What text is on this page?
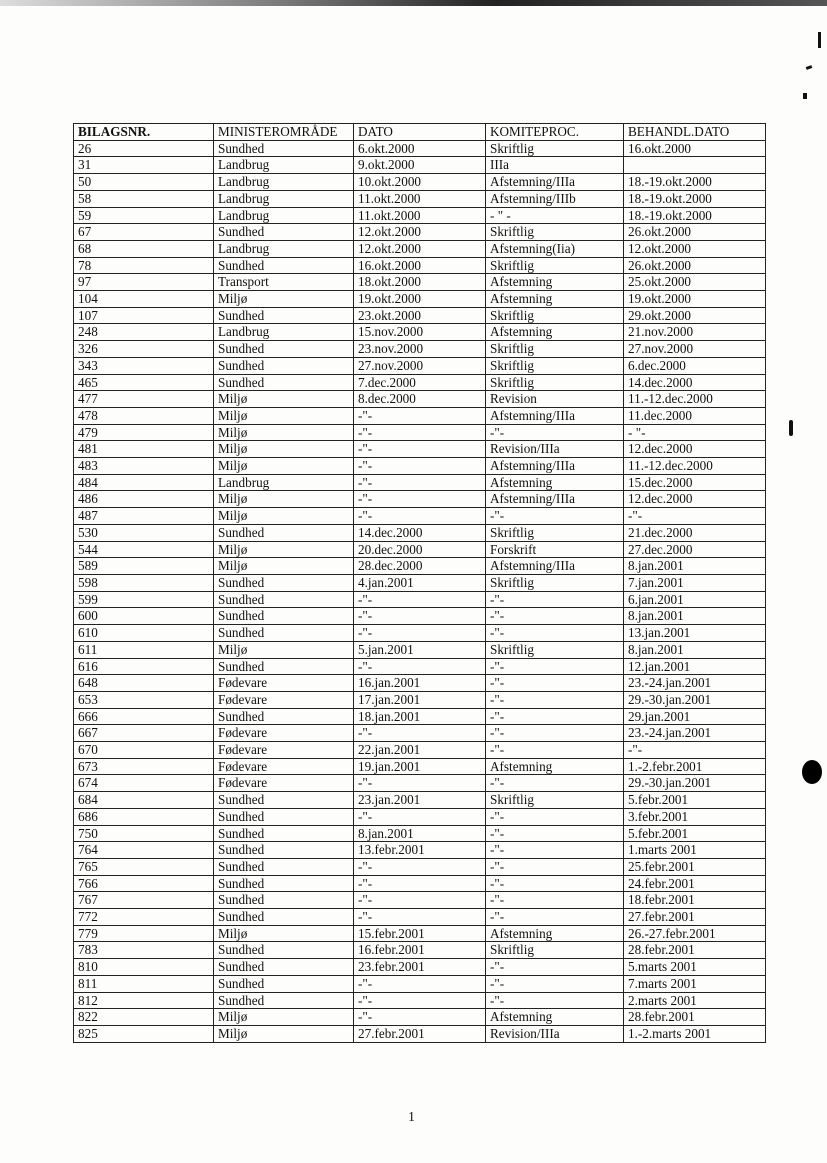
BILAGSNR.	MINISTEROMRÅDE	DATO	KOMITEPROC.	BEHANDL.DATO
26	Sundhed	6.okt.2000	Skriftlig	16.okt.2000
31	Landbrug	9.okt.2000	IIIa	
50	Landbrug	10.okt.2000	Afstemning/IIIa	18.-19.okt.2000
58	Landbrug	11.okt.2000	Afstemning/IIIb	18.-19.okt.2000
59	Landbrug	11.okt.2000	- " -	18.-19.okt.2000
67	Sundhed	12.okt.2000	Skriftlig	26.okt.2000
68	Landbrug	12.okt.2000	Afstemning(Iia)	12.okt.2000
78	Sundhed	16.okt.2000	Skriftlig	26.okt.2000
97	Transport	18.okt.2000	Afstemning	25.okt.2000
104	Miljø	19.okt.2000	Afstemning	19.okt.2000
107	Sundhed	23.okt.2000	Skriftlig	29.okt.2000
248	Landbrug	15.nov.2000	Afstemning	21.nov.2000
326	Sundhed	23.nov.2000	Skriftlig	27.nov.2000
343	Sundhed	27.nov.2000	Skriftlig	6.dec.2000
465	Sundhed	7.dec.2000	Skriftlig	14.dec.2000
477	Miljø	8.dec.2000	Revision	11.-12.dec.2000
478	Miljø	-"-	Afstemning/IIIa	11.dec.2000
479	Miljø	-"-	-"-	- "-
481	Miljø	-"-	Revision/IIIa	12.dec.2000
483	Miljø	-"-	Afstemning/IIIa	11.-12.dec.2000
484	Landbrug	-"-	Afstemning	15.dec.2000
486	Miljø	-"-	Afstemning/IIIa	12.dec.2000
487	Miljø	-"-	-"-	-"-
530	Sundhed	14.dec.2000	Skriftlig	21.dec.2000
544	Miljø	20.dec.2000	Forskrift	27.dec.2000
589	Miljø	28.dec.2000	Afstemning/IIIa	8.jan.2001
598	Sundhed	4.jan.2001	Skriftlig	7.jan.2001
599	Sundhed	-"-	-"-	6.jan.2001
600	Sundhed	-"-	-"-	8.jan.2001
610	Sundhed	-"-	-"-	13.jan.2001
611	Miljø	5.jan.2001	Skriftlig	8.jan.2001
616	Sundhed	-"-	-"-	12.jan.2001
648	Fødevare	16.jan.2001	-"-	23.-24.jan.2001
653	Fødevare	17.jan.2001	-"-	29.-30.jan.2001
666	Sundhed	18.jan.2001	-"-	29.jan.2001
667	Fødevare	-"-	-"-	23.-24.jan.2001
670	Fødevare	22.jan.2001	-"-	-"-
673	Fødevare	19.jan.2001	Afstemning	1.-2.febr.2001
674	Fødevare	-"-	-"-	29.-30.jan.2001
684	Sundhed	23.jan.2001	Skriftlig	5.febr.2001
686	Sundhed	-"-	-"-	3.febr.2001
750	Sundhed	8.jan.2001	-"-	5.febr.2001
764	Sundhed	13.febr.2001	-"-	1.marts 2001
765	Sundhed	-"-	-"-	25.febr.2001
766	Sundhed	-"-	-"-	24.febr.2001
767	Sundhed	-"-	-"-	18.febr.2001
772	Sundhed	-"-	-"-	27.febr.2001
779	Miljø	15.febr.2001	Afstemning	26.-27.febr.2001
783	Sundhed	16.febr.2001	Skriftlig	28.febr.2001
810	Sundhed	23.febr.2001	-"-	5.marts 2001
811	Sundhed	-"-	-"-	7.marts 2001
812	Sundhed	-"-	-"-	2.marts 2001
822	Miljø	-"-	Afstemning	28.febr.2001
825	Miljø	27.febr.2001	Revision/IIIa	1.-2.marts 2001
1
